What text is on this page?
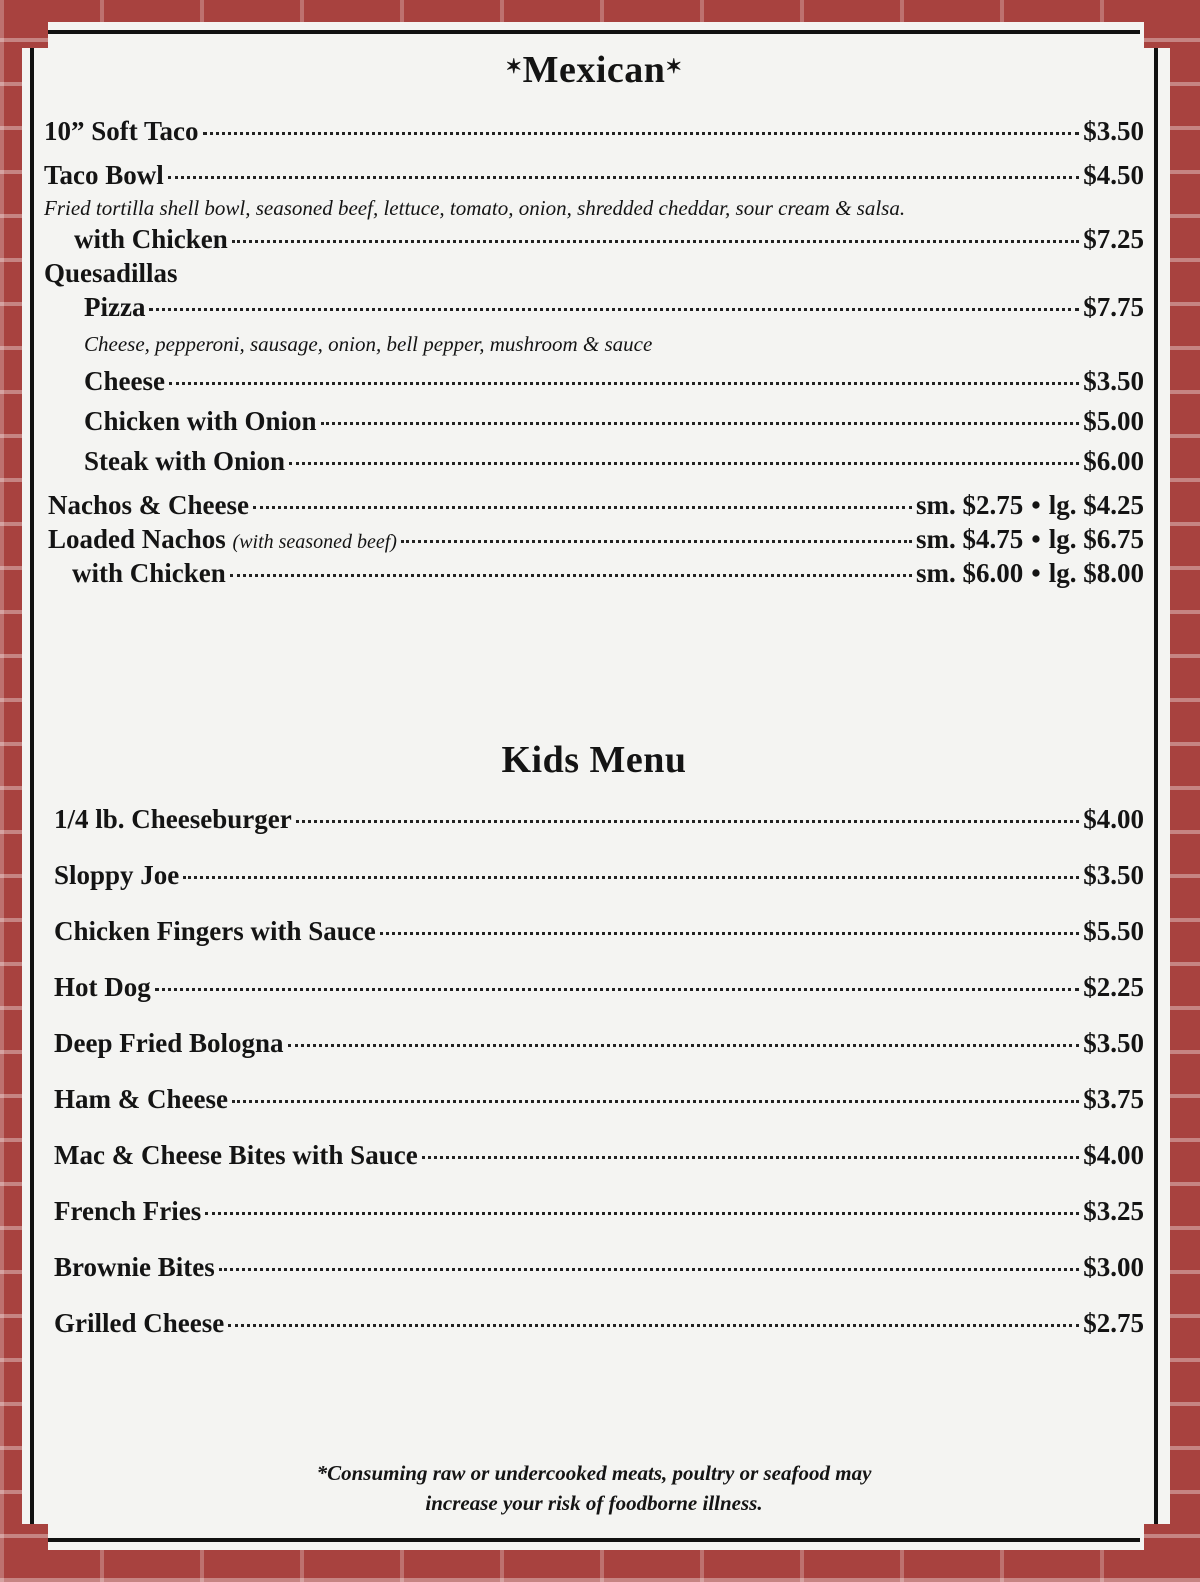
✶Mexican✶
10” Soft Taco	$3.50
Taco Bowl	$4.50
Fried tortilla shell bowl, seasoned beef, lettuce, tomato, onion, shredded cheddar, sour cream & salsa.
with Chicken	$7.25
Quesadillas
Pizza	$7.75
Cheese, pepperoni, sausage, onion, bell pepper, mushroom & sauce
Cheese	$3.50
Chicken with Onion	$5.00
Steak with Onion	$6.00
Nachos & Cheese	sm. $2.75 • lg. $4.25
Loaded Nachos (with seasoned beef)	sm. $4.75 • lg. $6.75
with Chicken	sm. $6.00 • lg. $8.00
Kids Menu
1/4 lb. Cheeseburger	$4.00
Sloppy Joe	$3.50
Chicken Fingers with Sauce	$5.50
Hot Dog	$2.25
Deep Fried Bologna	$3.50
Ham & Cheese	$3.75
Mac & Cheese Bites with Sauce	$4.00
French Fries	$3.25
Brownie Bites	$3.00
Grilled Cheese	$2.75
*Consuming raw or undercooked meats, poultry or seafood may
increase your risk of foodborne illness.
